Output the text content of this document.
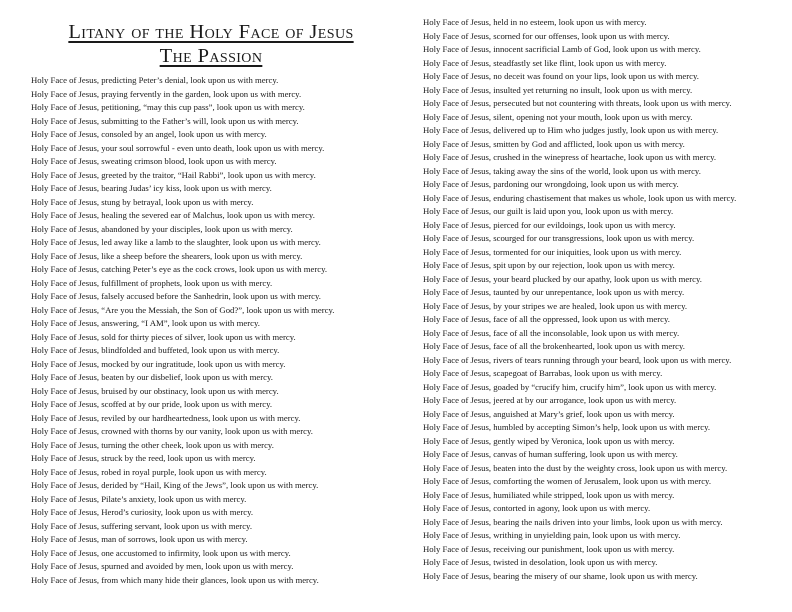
Litany of the Holy Face of Jesus
The Passion
Holy Face of Jesus, predicting Peter’s denial, look upon us with mercy.
Holy Face of Jesus, praying fervently in the garden, look upon us with mercy.
Holy Face of Jesus, petitioning, “may this cup pass”, look upon us with mercy.
Holy Face of Jesus, submitting to the Father’s will, look upon us with mercy.
Holy Face of Jesus, consoled by an angel, look upon us with mercy.
Holy Face of Jesus, your soul sorrowful - even unto death, look upon us with mercy.
Holy Face of Jesus, sweating crimson blood, look upon us with mercy.
Holy Face of Jesus, greeted by the traitor, “Hail Rabbi”, look upon us with mercy.
Holy Face of Jesus, bearing Judas’ icy kiss, look upon us with mercy.
Holy Face of Jesus, stung by betrayal, look upon us with mercy.
Holy Face of Jesus, healing the severed ear of Malchus, look upon us with mercy.
Holy Face of Jesus, abandoned by your disciples, look upon us with mercy.
Holy Face of Jesus, led away like a lamb to the slaughter, look upon us with mercy.
Holy Face of Jesus, like a sheep before the shearers, look upon us with mercy.
Holy Face of Jesus, catching Peter’s eye as the cock crows, look upon us with mercy.
Holy Face of Jesus, fulfillment of prophets, look upon us with mercy.
Holy Face of Jesus, falsely accused before the Sanhedrin, look upon us with mercy.
Holy Face of Jesus, “Are you the Messiah, the Son of God?”, look upon us with mercy.
Holy Face of Jesus, answering, “I AM”, look upon us with mercy.
Holy Face of Jesus, sold for thirty pieces of silver, look upon us with mercy.
Holy Face of Jesus, blindfolded and buffeted, look upon us with mercy.
Holy Face of Jesus, mocked by our ingratitude, look upon us with mercy.
Holy Face of Jesus, beaten by our disbelief, look upon us with mercy.
Holy Face of Jesus, bruised by our obstinacy, look upon us with mercy.
Holy Face of Jesus, scoffed at by our pride, look upon us with mercy.
Holy Face of Jesus, reviled by our hardheartedness, look upon us with mercy.
Holy Face of Jesus, crowned with thorns by our vanity, look upon us with mercy.
Holy Face of Jesus, turning the other cheek, look upon us with mercy.
Holy Face of Jesus, struck by the reed, look upon us with mercy.
Holy Face of Jesus, robed in royal purple, look upon us with mercy.
Holy Face of Jesus, derided by “Hail, King of the Jews”, look upon us with mercy.
Holy Face of Jesus, Pilate’s anxiety, look upon us with mercy.
Holy Face of Jesus, Herod’s curiosity, look upon us with mercy.
Holy Face of Jesus, suffering servant, look upon us with mercy.
Holy Face of Jesus, man of sorrows, look upon us with mercy.
Holy Face of Jesus, one accustomed to infirmity, look upon us with mercy.
Holy Face of Jesus, spurned and avoided by men, look upon us with mercy.
Holy Face of Jesus, from which many hide their glances, look upon us with mercy.
Holy Face of Jesus, held in no esteem, look upon us with mercy.
Holy Face of Jesus, scorned for our offenses, look upon us with mercy.
Holy Face of Jesus, innocent sacrificial Lamb of God, look upon us with mercy.
Holy Face of Jesus, steadfastly set like flint, look upon us with mercy.
Holy Face of Jesus, no deceit was found on your lips, look upon us with mercy.
Holy Face of Jesus, insulted yet returning no insult, look upon us with mercy.
Holy Face of Jesus, persecuted but not countering with threats, look upon us with mercy.
Holy Face of Jesus, silent, opening not your mouth, look upon us with mercy.
Holy Face of Jesus, delivered up to Him who judges justly, look upon us with mercy.
Holy Face of Jesus, smitten by God and afflicted, look upon us with mercy.
Holy Face of Jesus, crushed in the winepress of heartache, look upon us with mercy.
Holy Face of Jesus, taking away the sins of the world, look upon us with mercy.
Holy Face of Jesus, pardoning our wrongdoing, look upon us with mercy.
Holy Face of Jesus, enduring chastisement that makes us whole, look upon us with mercy.
Holy Face of Jesus, our guilt is laid upon you, look upon us with mercy.
Holy Face of Jesus, pierced for our evildoings, look upon us with mercy.
Holy Face of Jesus, scourged for our transgressions, look upon us with mercy.
Holy Face of Jesus, tormented for our iniquities, look upon us with mercy.
Holy Face of Jesus, spit upon by our rejection, look upon us with mercy.
Holy Face of Jesus, your beard plucked by our apathy, look upon us with mercy.
Holy Face of Jesus, taunted by our unrepentance, look upon us with mercy.
Holy Face of Jesus, by your stripes we are healed, look upon us with mercy.
Holy Face of Jesus, face of all the oppressed, look upon us with mercy.
Holy Face of Jesus, face of all the inconsolable, look upon us with mercy.
Holy Face of Jesus, face of all the brokenhearted, look upon us with mercy.
Holy Face of Jesus, rivers of tears running through your beard, look upon us with mercy.
Holy Face of Jesus, scapegoat of Barrabas, look upon us with mercy.
Holy Face of Jesus, goaded by “crucify him, crucify him”, look upon us with mercy.
Holy Face of Jesus, jeered at by our arrogance, look upon us with mercy.
Holy Face of Jesus, anguished at Mary’s grief, look upon us with mercy.
Holy Face of Jesus, humbled by accepting Simon’s help, look upon us with mercy.
Holy Face of Jesus, gently wiped by Veronica, look upon us with mercy.
Holy Face of Jesus, canvas of human suffering, look upon us with mercy.
Holy Face of Jesus, beaten into the dust by the weighty cross, look upon us with mercy.
Holy Face of Jesus, comforting the women of Jerusalem, look upon us with mercy.
Holy Face of Jesus, humiliated while stripped, look upon us with mercy.
Holy Face of Jesus, contorted in agony, look upon us with mercy.
Holy Face of Jesus, bearing the nails driven into your limbs, look upon us with mercy.
Holy Face of Jesus, writhing in unyielding pain, look upon us with mercy.
Holy Face of Jesus, receiving our punishment, look upon us with mercy.
Holy Face of Jesus, twisted in desolation, look upon us with mercy.
Holy Face of Jesus, bearing the misery of our shame, look upon us with mercy.
